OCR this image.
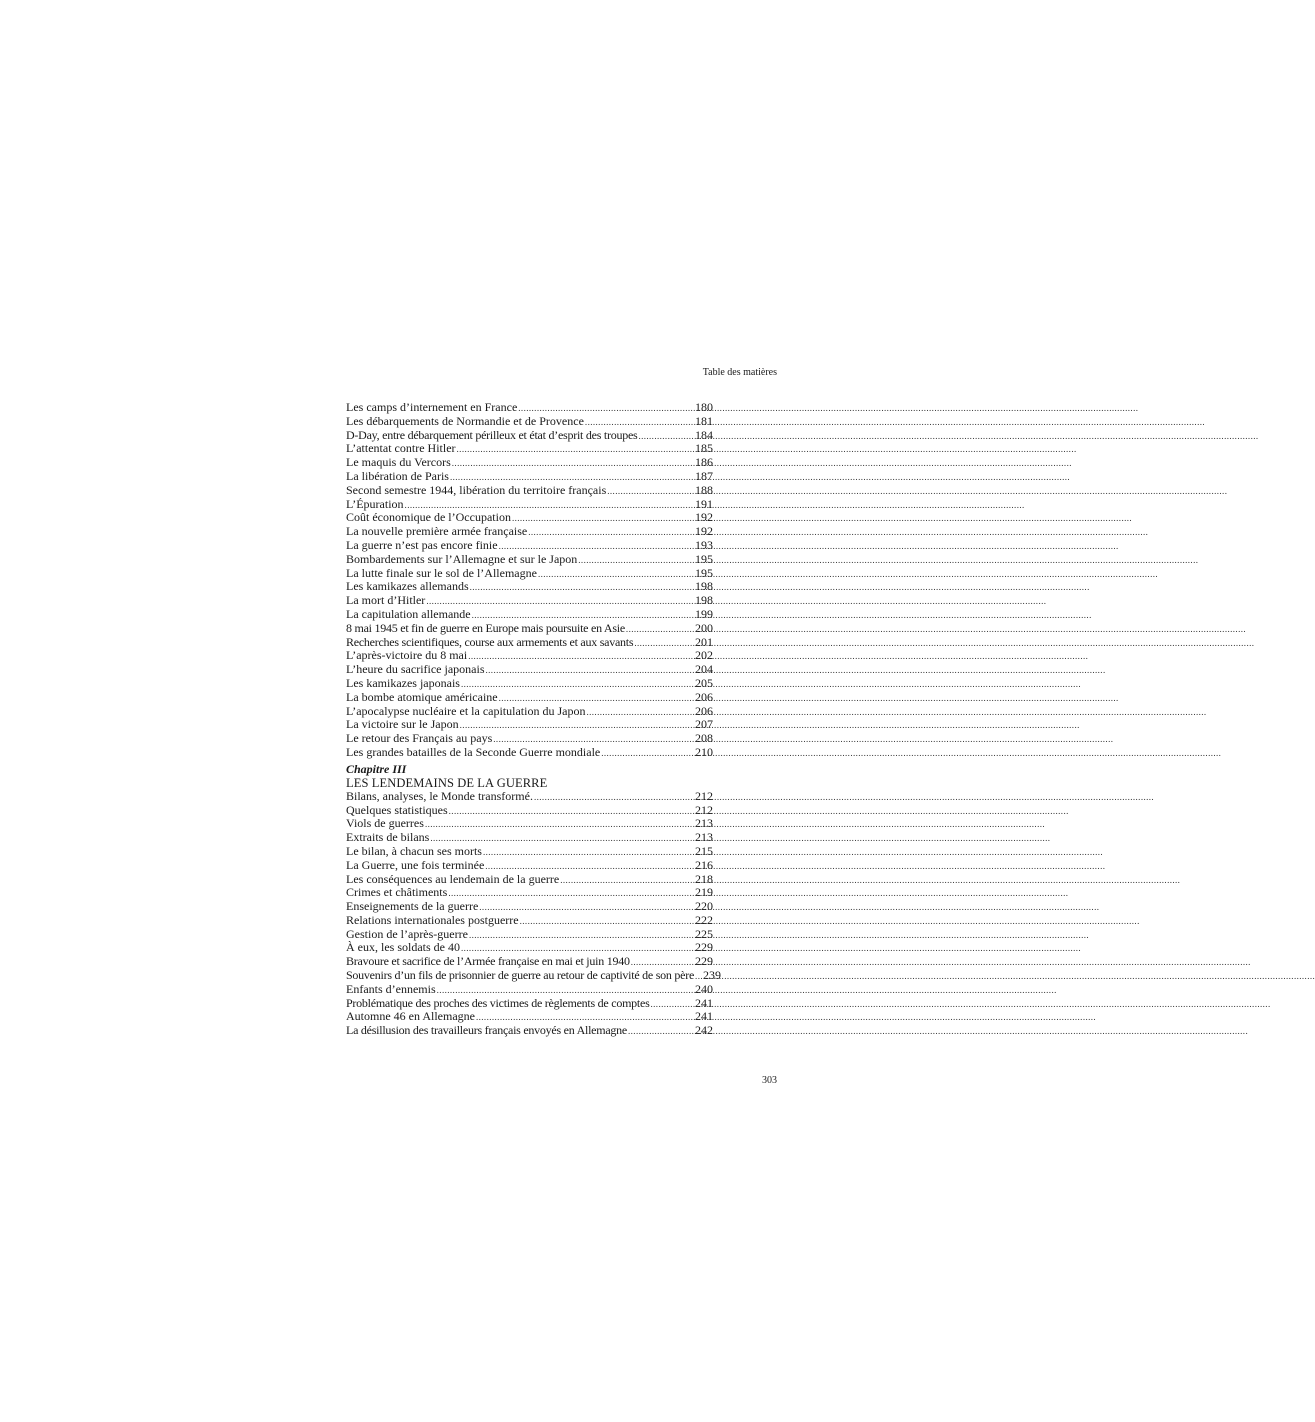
Table des matières
Les camps d’internement en France .....	180
Les débarquements de Normandie et de Provence .....	181
D-Day, entre débarquement périlleux et état d’esprit des troupes .....	184
L’attentat contre Hitler .....	185
Le maquis du Vercors .....	186
La libération de Paris .....	187
Second semestre 1944, libération du territoire français .....	188
L’Épuration .....	191
Coût économique de l’Occupation .....	192
La nouvelle première armée française .....	192
La guerre n’est pas encore finie .....	193
Bombardements sur l’Allemagne et sur le Japon .....	195
La lutte finale sur le sol de l’Allemagne .....	195
Les kamikazes allemands .....	198
La mort d’Hitler .....	198
La capitulation allemande .....	199
8 mai 1945 et fin de guerre en Europe mais poursuite en Asie .....	200
Recherches scientifiques, course aux armements et aux savants .....	201
L’après-victoire du 8 mai .....	202
L’heure du sacrifice japonais .....	204
Les kamikazes japonais .....	205
La bombe atomique américaine .....	206
L’apocalypse nucléaire et la capitulation du Japon .....	206
La victoire sur le Japon .....	207
Le retour des Français au pays .....	208
Les grandes batailles de la Seconde Guerre mondiale .....	210
Chapitre III
LES LENDEMAINS DE LA GUERRE
Bilans, analyses, le Monde transformé. .....	212
Quelques statistiques .....	212
Viols de guerres .....	213
Extraits de bilans .....	213
Le bilan, à chacun ses morts .....	215
La Guerre, une fois terminée .....	216
Les conséquences au lendemain de la guerre .....	218
Crimes et châtiments .....	219
Enseignements de la guerre .....	220
Relations internationales postguerre .....	222
Gestion de l’après-guerre .....	225
À eux, les soldats de 40 .....	229
Bravoure et sacrifice de l’Armée française en mai et juin 1940 .....	229
Souvenirs d’un fils de prisonnier de guerre au retour de captivité de son père ..... 239
Enfants d’ennemis .....	240
Problématique des proches des victimes de règlements de comptes .....	241
Automne 46 en Allemagne .....	241
La désillusion des travailleurs français envoyés en Allemagne .....	242
303
